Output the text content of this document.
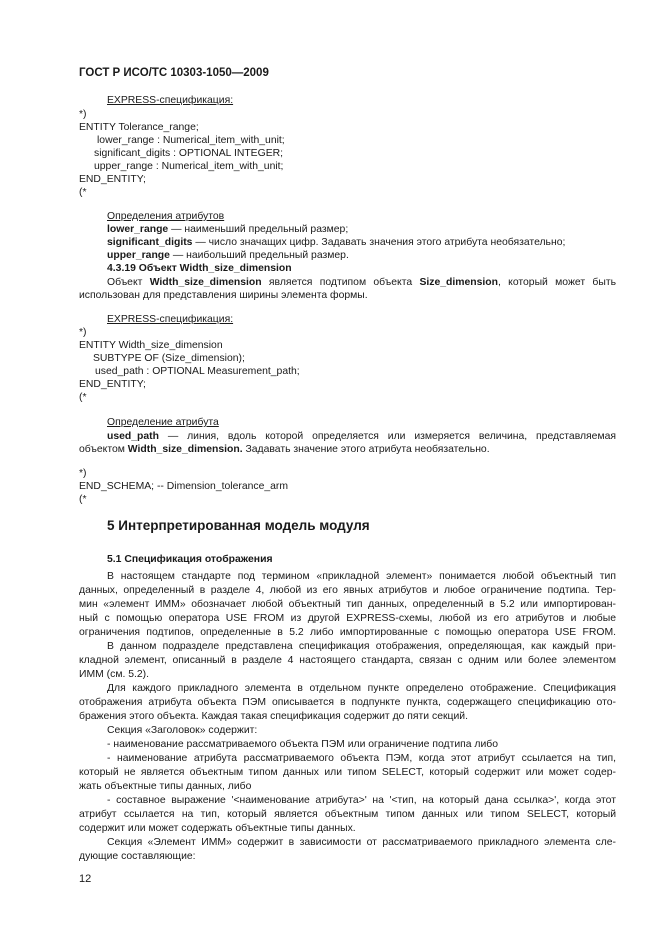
ГОСТ Р ИСО/ТС 10303-1050—2009
EXPRESS-спецификация:
*)
ENTITY Tolerance_range;
lower_range : Numerical_item_with_unit;
significant_digits : OPTIONAL INTEGER;
upper_range : Numerical_item_with_unit;
END_ENTITY;
(*
Определения атрибутов
lower_range — наименьший предельный размер;
significant_digits — число значащих цифр. Задавать значения этого атрибута необязательно;
upper_range — наибольший предельный размер.
4.3.19 Объект Width_size_dimension
Объект Width_size_dimension является подтипом объекта Size_dimension, который может быть
использован для представления ширины элемента формы.
EXPRESS-спецификация:
*)
ENTITY Width_size_dimension
SUBTYPE OF (Size_dimension);
used_path : OPTIONAL Measurement_path;
END_ENTITY;
(*
Определение атрибута
used_path — линия, вдоль которой определяется или измеряется величина, представляемая
объектом Width_size_dimension. Задавать значение этого атрибута необязательно.
*)
END_SCHEMA; -- Dimension_tolerance_arm
(*
5 Интерпретированная модель модуля
5.1 Спецификация отображения
В настоящем стандарте под термином «прикладной элемент» понимается любой объектный тип
данных, определенный в разделе 4, любой из его явных атрибутов и любое ограничение подтипа. Тер-
мин «элемент ИММ» обозначает любой объектный тип данных, определенный в 5.2 или импортирован-
ный с помощью оператора USE FROM из другой EXPRESS-схемы, любой из его атрибутов и любые
ограничения подтипов, определенные в 5.2 либо импортированные с помощью оператора USE FROM.
В данном подразделе представлена спецификация отображения, определяющая, как каждый при-
кладной элемент, описанный в разделе 4 настоящего стандарта, связан с одним или более элементом
ИММ (см. 5.2).
Для каждого прикладного элемента в отдельном пункте определено отображение. Спецификация
отображения атрибута объекта ПЭМ описывается в подпункте пункта, содержащего спецификацию ото-
бражения этого объекта. Каждая такая спецификация содержит до пяти секций.
Секция «Заголовок» содержит:
- наименование рассматриваемого объекта ПЭМ или ограничение подтипа либо
- наименование атрибута рассматриваемого объекта ПЭМ, когда этот атрибут ссылается на тип,
который не является объектным типом данных или типом SELECT, который содержит или может содер-
жать объектные типы данных, либо
- составное выражение '<наименование атрибута>' на '<тип, на который дана ссылка>', когда этот
атрибут ссылается на тип, который является объектным типом данных или типом SELECT, который
содержит или может содержать объектные типы данных.
Секция «Элемент ИММ» содержит в зависимости от рассматриваемого прикладного элемента сле-
дующие составляющие:
12
